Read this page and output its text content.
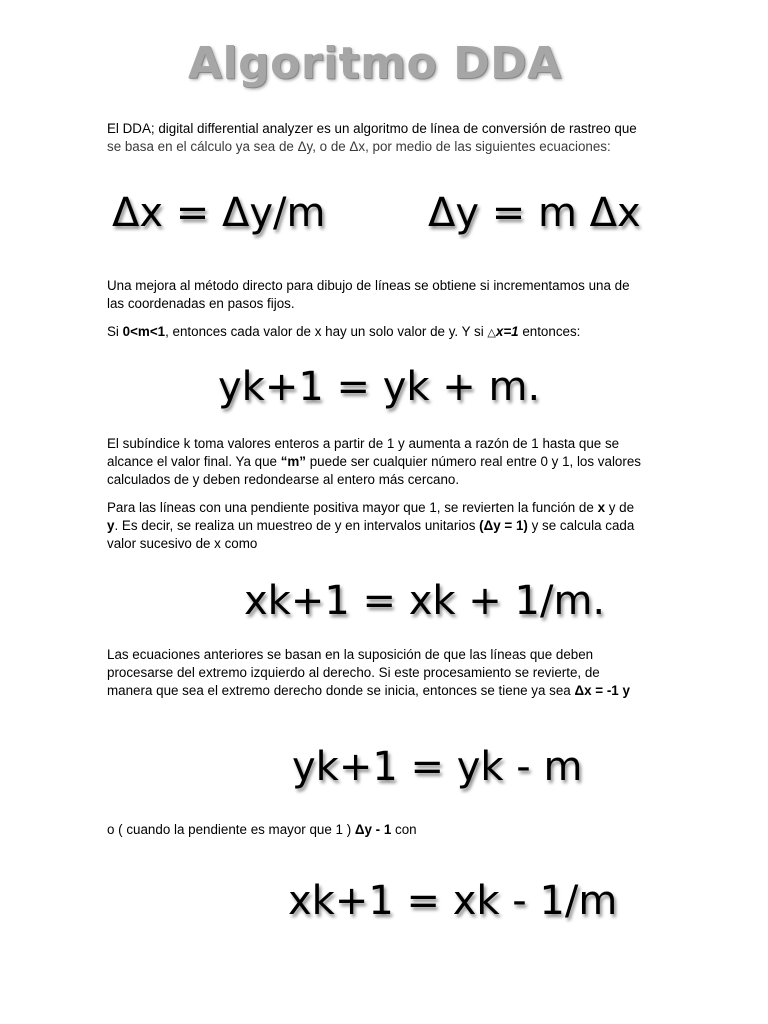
Algoritmo DDA
El DDA; digital differential analyzer es un algoritmo de línea de conversión de rastreo que
se basa en el cálculo ya sea de Δy, o de Δx, por medio de las siguientes ecuaciones:
Δx = Δy/m	Δy = m Δx
Una mejora al método directo para dibujo de líneas se obtiene si incrementamos una de
las coordenadas en pasos fijos.
Si 0<m<1, entonces cada valor de x hay un solo valor de y. Y si △x=1 entonces:
yk+1 = yk + m.
El subíndice k toma valores enteros a partir de 1 y aumenta a razón de 1 hasta que se
alcance el valor final. Ya que “m” puede ser cualquier número real entre 0 y 1, los valores
calculados de y deben redondearse al entero más cercano.
Para las líneas con una pendiente positiva mayor que 1, se revierten la función de x y de
y. Es decir, se realiza un muestreo de y en intervalos unitarios (Δy = 1) y se calcula cada
valor sucesivo de x como
xk+1 = xk + 1/m.
Las ecuaciones anteriores se basan en la suposición de que las líneas que deben
procesarse del extremo izquierdo al derecho. Si este procesamiento se revierte, de
manera que sea el extremo derecho donde se inicia, entonces se tiene ya sea Δx = -1 y
yk+1 = yk - m
o ( cuando la pendiente es mayor que 1 ) Δy - 1 con
xk+1 = xk - 1/m
